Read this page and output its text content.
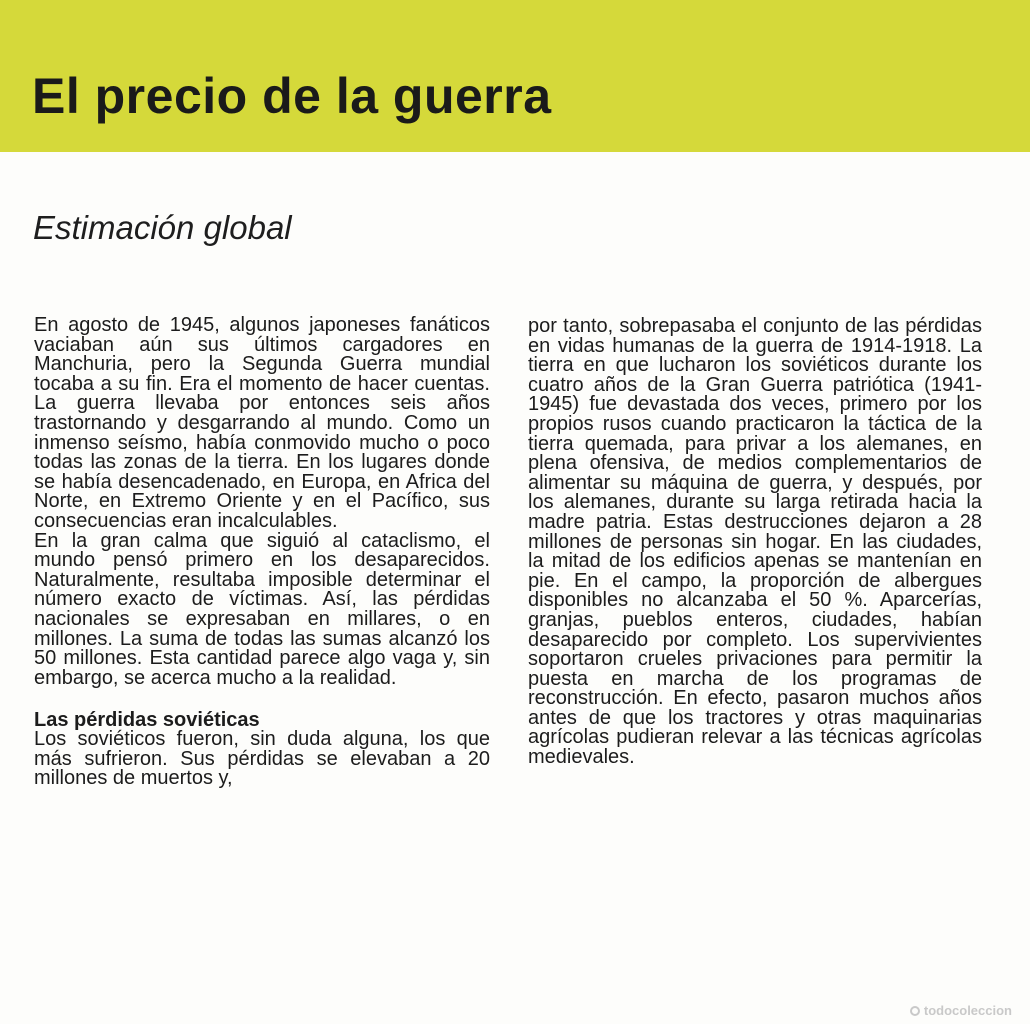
El precio de la guerra
Estimación global

En agosto de 1945, algunos japoneses fanáticos vaciaban aún sus últimos cargadores en Manchuria, pero la Segunda Guerra mundial tocaba a su fin. Era el momento de hacer cuentas. La guerra llevaba por entonces seis años trastornando y desgarrando al mundo. Como un inmenso seísmo, había conmovido mucho o poco todas las zonas de la tierra. En los lugares donde se había desencadenado, en Europa, en Africa del Norte, en Extremo Oriente y en el Pacífico, sus consecuencias eran incalculables.

En la gran calma que siguió al cataclismo, el mundo pensó primero en los desaparecidos. Naturalmente, resultaba imposible determinar el número exacto de víctimas. Así, las pérdidas nacionales se expresaban en millares, o en millones. La suma de todas las sumas alcanzó los 50 millones. Esta cantidad parece algo vaga y, sin embargo, se acerca mucho a la realidad.

Las pérdidas soviéticas

Los soviéticos fueron, sin duda alguna, los que más sufrieron. Sus pérdidas se elevaban a 20 millones de muertos y,

por tanto, sobrepasaba el conjunto de las pérdidas en vidas humanas de la guerra de 1914-1918. La tierra en que lucharon los soviéticos durante los cuatro años de la Gran Guerra patriótica (1941-1945) fue devastada dos veces, primero por los propios rusos cuando practicaron la táctica de la tierra quemada, para privar a los alemanes, en plena ofensiva, de medios complementarios de alimentar su máquina de guerra, y después, por los alemanes, durante su larga retirada hacia la madre patria. Estas destrucciones dejaron a 28 millones de personas sin hogar. En las ciudades, la mitad de los edificios apenas se mantenían en pie. En el campo, la proporción de albergues disponibles no alcanzaba el 50 %. Aparcerías, granjas, pueblos enteros, ciudades, habían desaparecido por completo. Los supervivientes soportaron crueles privaciones para permitir la puesta en marcha de los programas de reconstrucción. En efecto, pasaron muchos años antes de que los tractores y otras maquinarias agrícolas pudieran relevar a las técnicas agrícolas medievales.

todocoleccion
